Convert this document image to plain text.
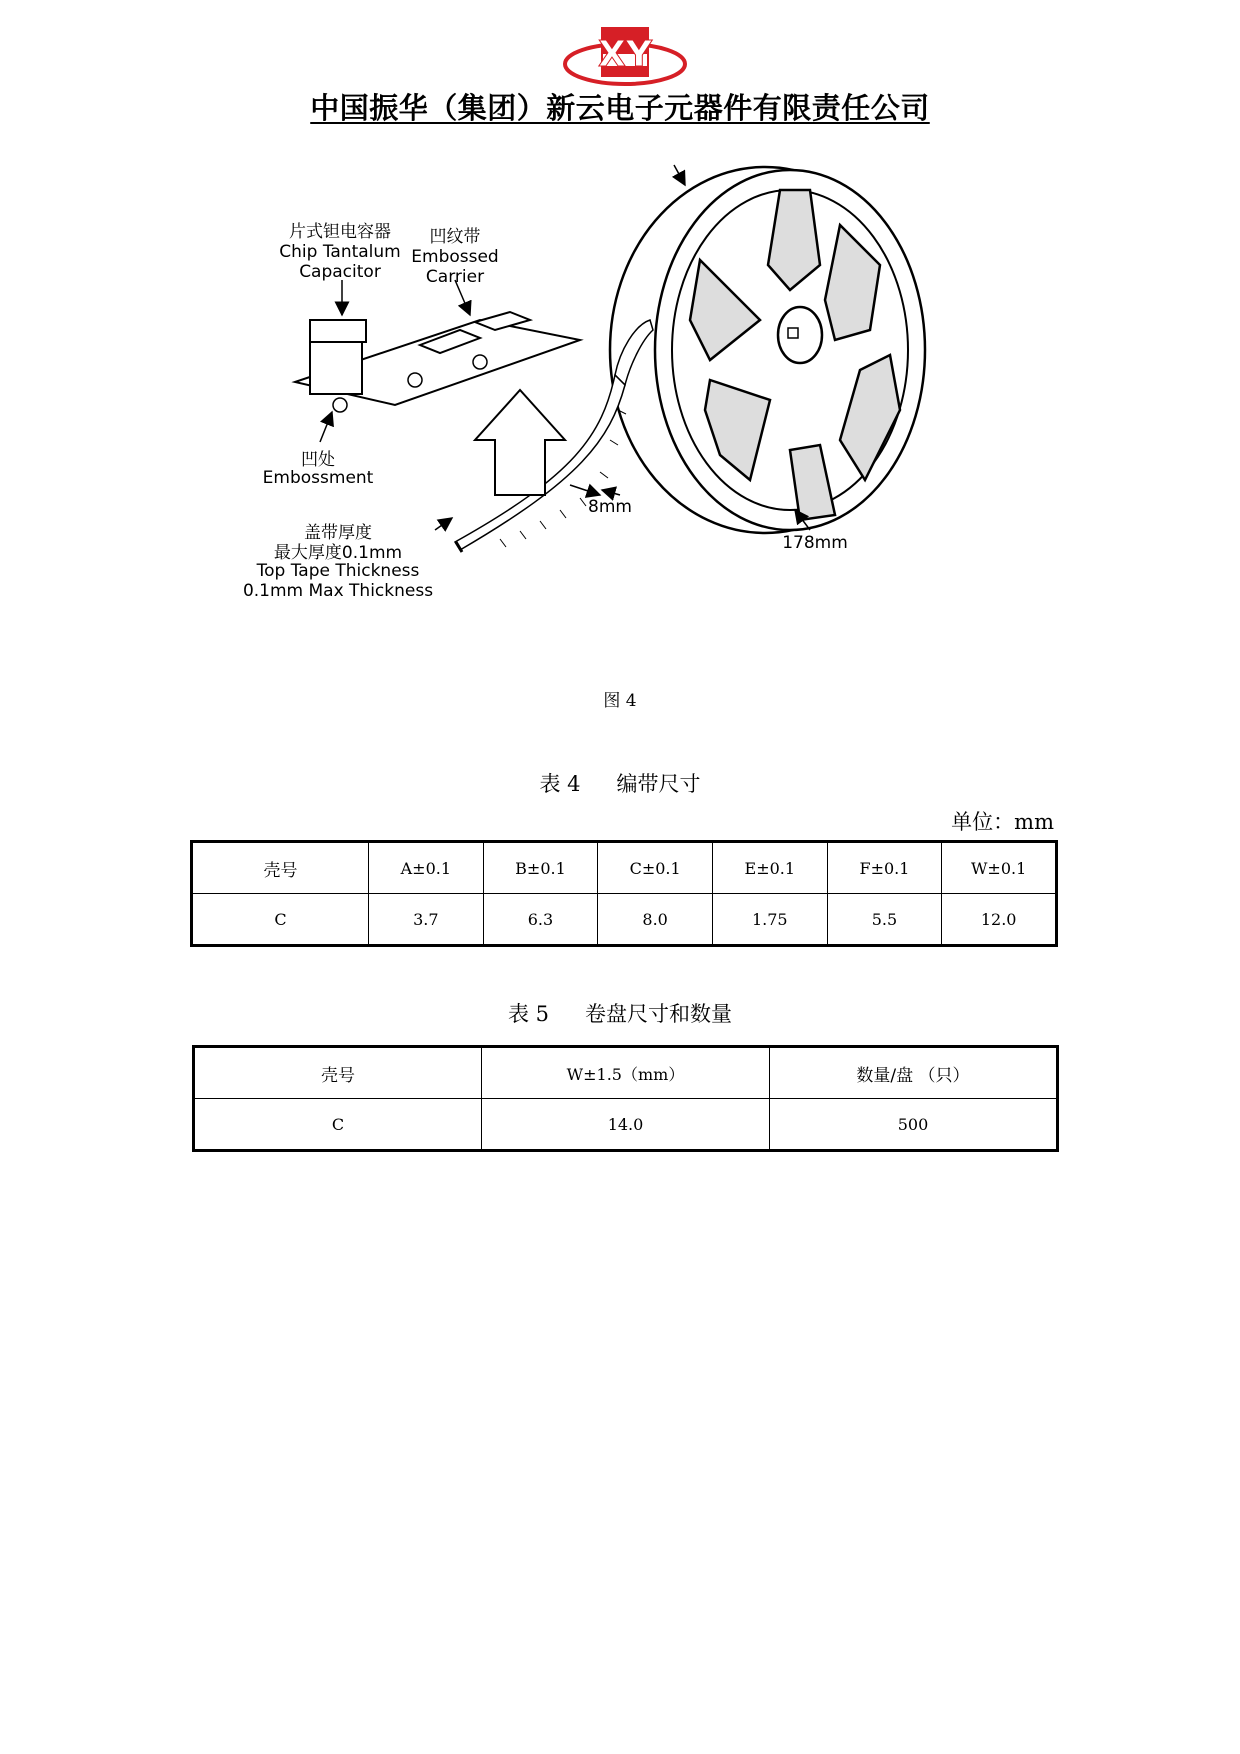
XY
中国振华（集团）新云电子元器件有限责任公司
片式钽电容器
Chip Tantalum
Capacitor
凹纹带
Embossed
Carrier
凹处
Embossment
盖带厚度
最大厚度0.1mm
Top Tape Thickness
0.1mm Max Thickness
8mm
178mm
图 4
表 4 编带尺寸
单位：mm
壳号	A±0.1	B±0.1	C±0.1	E±0.1	F±0.1	W±0.1
C	3.7	6.3	8.0	1.75	5.5	12.0
表 5 卷盘尺寸和数量
壳号	W±1.5（mm）	数量/盘 （只）
C	14.0	500
